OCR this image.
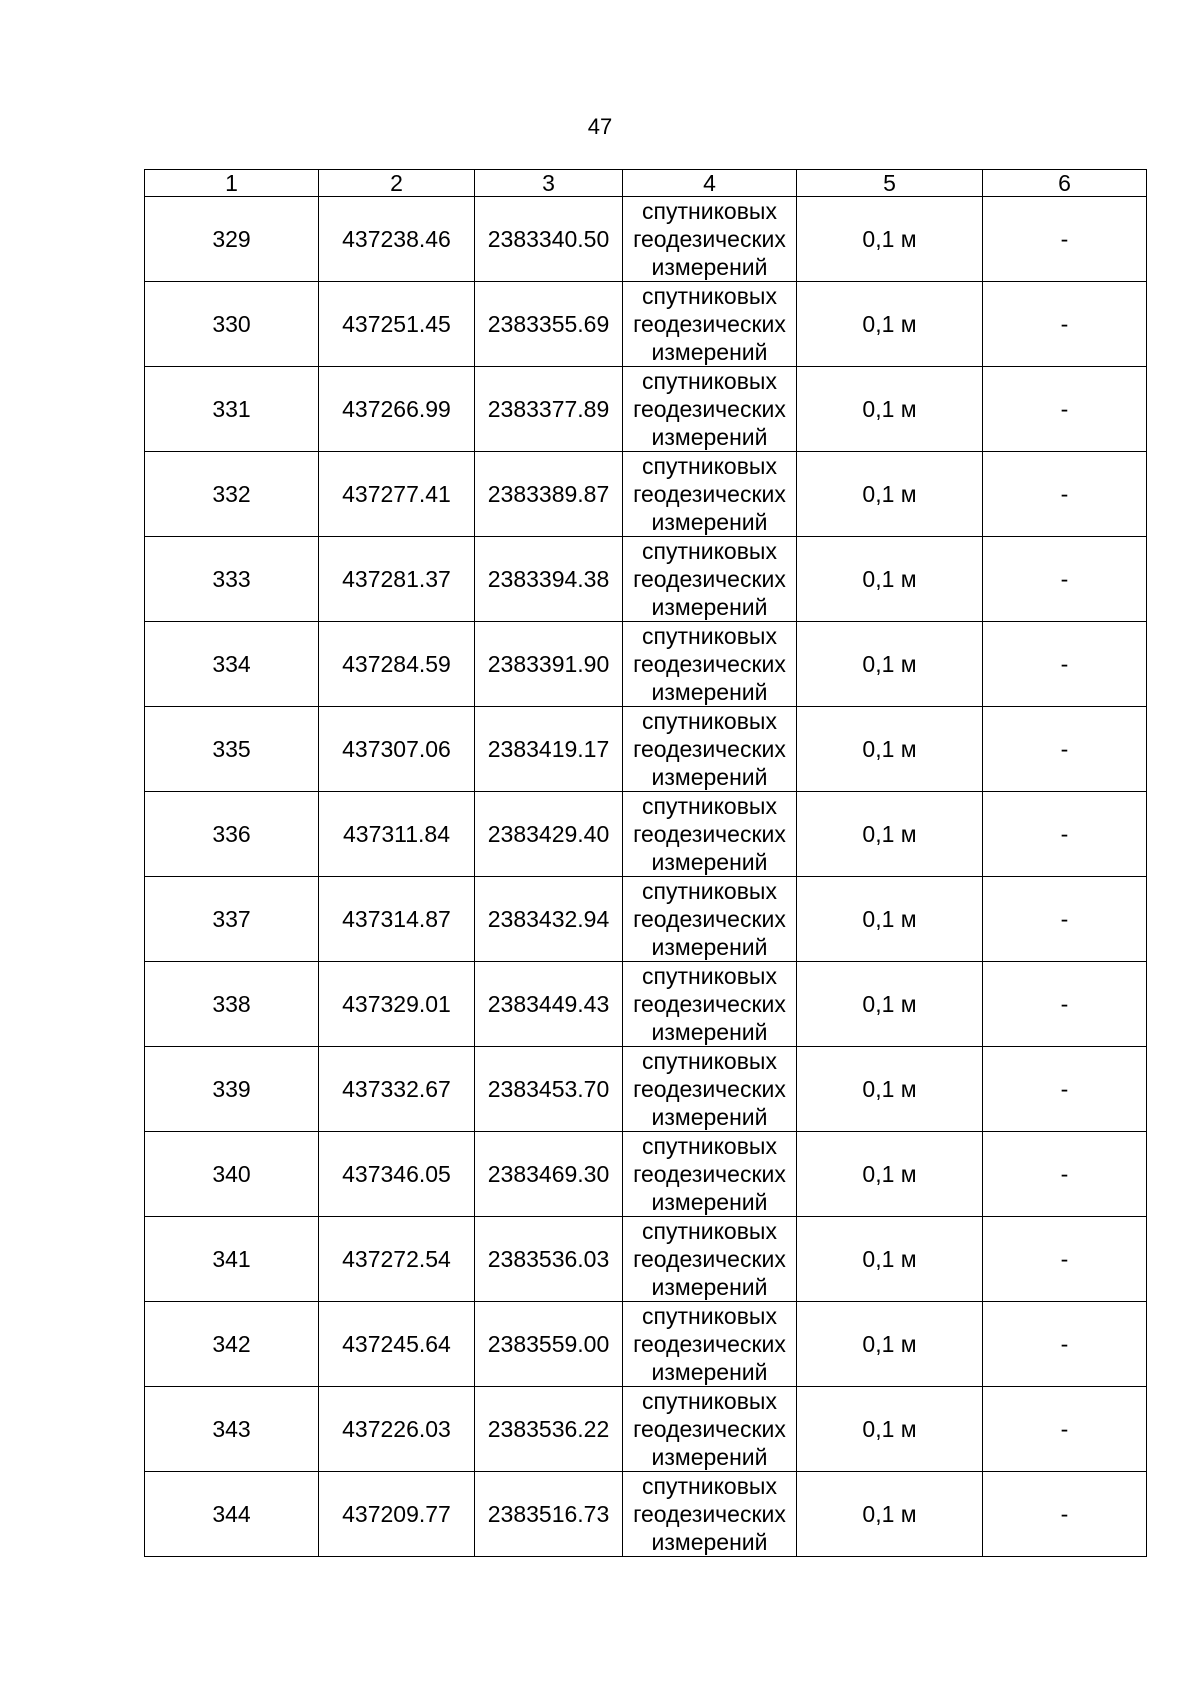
47
1	2	3	4	5	6
329	437238.46	2383340.50	спутниковых
геодезических
измерений	0,1 м	-
330	437251.45	2383355.69	спутниковых
геодезических
измерений	0,1 м	-
331	437266.99	2383377.89	спутниковых
геодезических
измерений	0,1 м	-
332	437277.41	2383389.87	спутниковых
геодезических
измерений	0,1 м	-
333	437281.37	2383394.38	спутниковых
геодезических
измерений	0,1 м	-
334	437284.59	2383391.90	спутниковых
геодезических
измерений	0,1 м	-
335	437307.06	2383419.17	спутниковых
геодезических
измерений	0,1 м	-
336	437311.84	2383429.40	спутниковых
геодезических
измерений	0,1 м	-
337	437314.87	2383432.94	спутниковых
геодезических
измерений	0,1 м	-
338	437329.01	2383449.43	спутниковых
геодезических
измерений	0,1 м	-
339	437332.67	2383453.70	спутниковых
геодезических
измерений	0,1 м	-
340	437346.05	2383469.30	спутниковых
геодезических
измерений	0,1 м	-
341	437272.54	2383536.03	спутниковых
геодезических
измерений	0,1 м	-
342	437245.64	2383559.00	спутниковых
геодезических
измерений	0,1 м	-
343	437226.03	2383536.22	спутниковых
геодезических
измерений	0,1 м	-
344	437209.77	2383516.73	спутниковых
геодезических
измерений	0,1 м	-
